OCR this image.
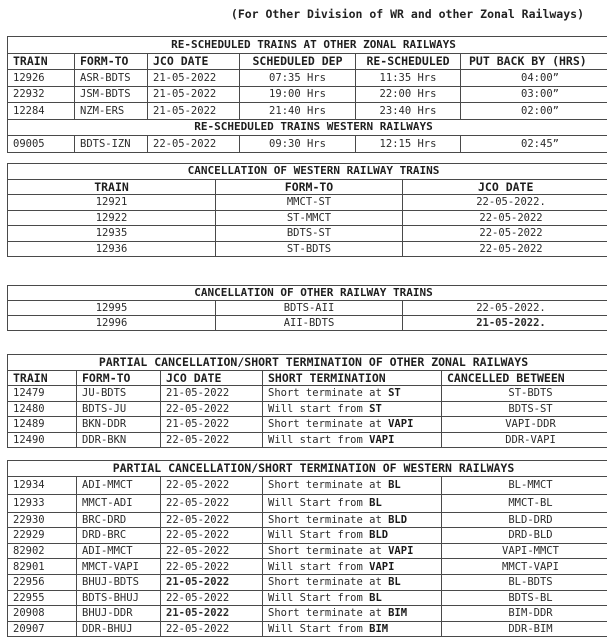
(For Other Division of WR and other Zonal Railways)
RE-SCHEDULED TRAINS AT OTHER ZONAL RAILWAYS					
TRAIN	FORM-TO	JCO DATE	SCHEDULED DEP	RE-SCHEDULED	PUT BACK BY (HRS)
12926	ASR-BDTS	21-05-2022	07:35 Hrs	11:35 Hrs	04:00”
22932	JSM-BDTS	21-05-2022	19:00 Hrs	22:00 Hrs	03:00”
12284	NZM-ERS	21-05-2022	21:40 Hrs	23:40 Hrs	02:00”
RE-SCHEDULED TRAINS WESTERN RAILWAYS					
09005	BDTS-IZN	22-05-2022	09:30 Hrs	12:15 Hrs	02:45”
CANCELLATION OF WESTERN RAILWAY TRAINS		
TRAIN	FORM-TO	JCO DATE
12921	MMCT-ST	22-05-2022.
12922	ST-MMCT	22-05-2022
12935	BDTS-ST	22-05-2022
12936	ST-BDTS	22-05-2022
CANCELLATION OF OTHER RAILWAY TRAINS		
12995	BDTS-AII	22-05-2022.
12996	AII-BDTS	21-05-2022.
PARTIAL CANCELLATION/SHORT TERMINATION OF OTHER ZONAL RAILWAYS				
TRAIN	FORM-TO	JCO DATE	SHORT TERMINATION	CANCELLED BETWEEN
12479	JU-BDTS	21-05-2022	Short terminate at ST	ST-BDTS
12480	BDTS-JU	22-05-2022	Will start from ST	BDTS-ST
12489	BKN-DDR	21-05-2022	Short terminate at VAPI	VAPI-DDR
12490	DDR-BKN	22-05-2022	Will start from VAPI	DDR-VAPI
PARTIAL CANCELLATION/SHORT TERMINATION OF WESTERN RAILWAYS				
12934	ADI-MMCT	22-05-2022	Short terminate at BL	BL-MMCT
12933	MMCT-ADI	22-05-2022	Will Start from BL	MMCT-BL
22930	BRC-DRD	22-05-2022	Short terminate at BLD	BLD-DRD
22929	DRD-BRC	22-05-2022	Will Start from BLD	DRD-BLD
82902	ADI-MMCT	22-05-2022	Short terminate at VAPI	VAPI-MMCT
82901	MMCT-VAPI	22-05-2022	Will start from VAPI	MMCT-VAPI
22956	BHUJ-BDTS	21-05-2022	Short terminate at BL	BL-BDTS
22955	BDTS-BHUJ	22-05-2022	Will Start from BL	BDTS-BL
20908	BHUJ-DDR	21-05-2022	Short terminate at BIM	BIM-DDR
20907	DDR-BHUJ	22-05-2022	Will Start from BIM	DDR-BIM
